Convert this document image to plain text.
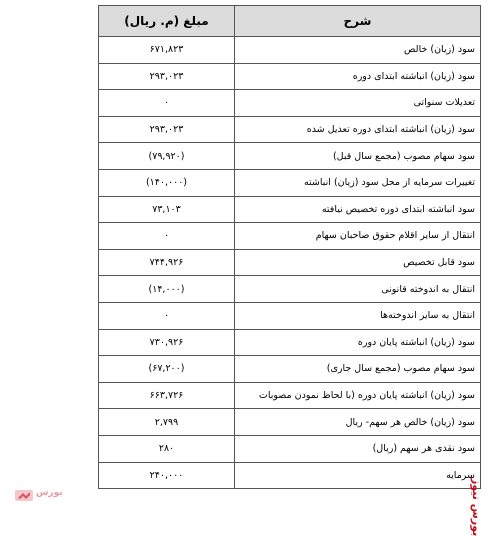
شرح	مبلغ (م. ریال)
سود (زیان) خالص	۶۷۱,۸۲۳
سود (زیان) انباشته ابتدای دوره	۲۹۳,۰۲۳
تعدیلات سنواتی	۰
سود (زیان) انباشته ابتدای دوره تعدیل شده	۲۹۳,۰۲۳
سود سهام مصوب (مجمع سال قبل)	(۷۹,۹۲۰)
تغییرات سرمایه از محل سود (زیان) انباشته	(۱۴۰,۰۰۰)
سود انباشته ابتدای دوره تخصیص نیافته	۷۳,۱۰۳
انتقال از سایر اقلام حقوق صاحبان سهام	۰
سود قابل تخصیص	۷۴۴,۹۲۶
انتقال به اندوخته قانونی	(۱۴,۰۰۰)
انتقال به سایر اندوخته‌ها	۰
سود (زیان) انباشته پایان دوره	۷۳۰,۹۲۶
سود سهام مصوب (مجمع سال جاری)	(۶۷,۲۰۰)
سود (زیان) انباشته پایان دوره (با لحاظ نمودن مصوبات	۶۶۳,۷۲۶
سود (زیان) خالص هر سهم- ریال	۲,۷۹۹
سود نقدی هر سهم (ریال)	۲۸۰
سرمایه	۲۴۰,۰۰۰
بورس‌	بورس نیوز
